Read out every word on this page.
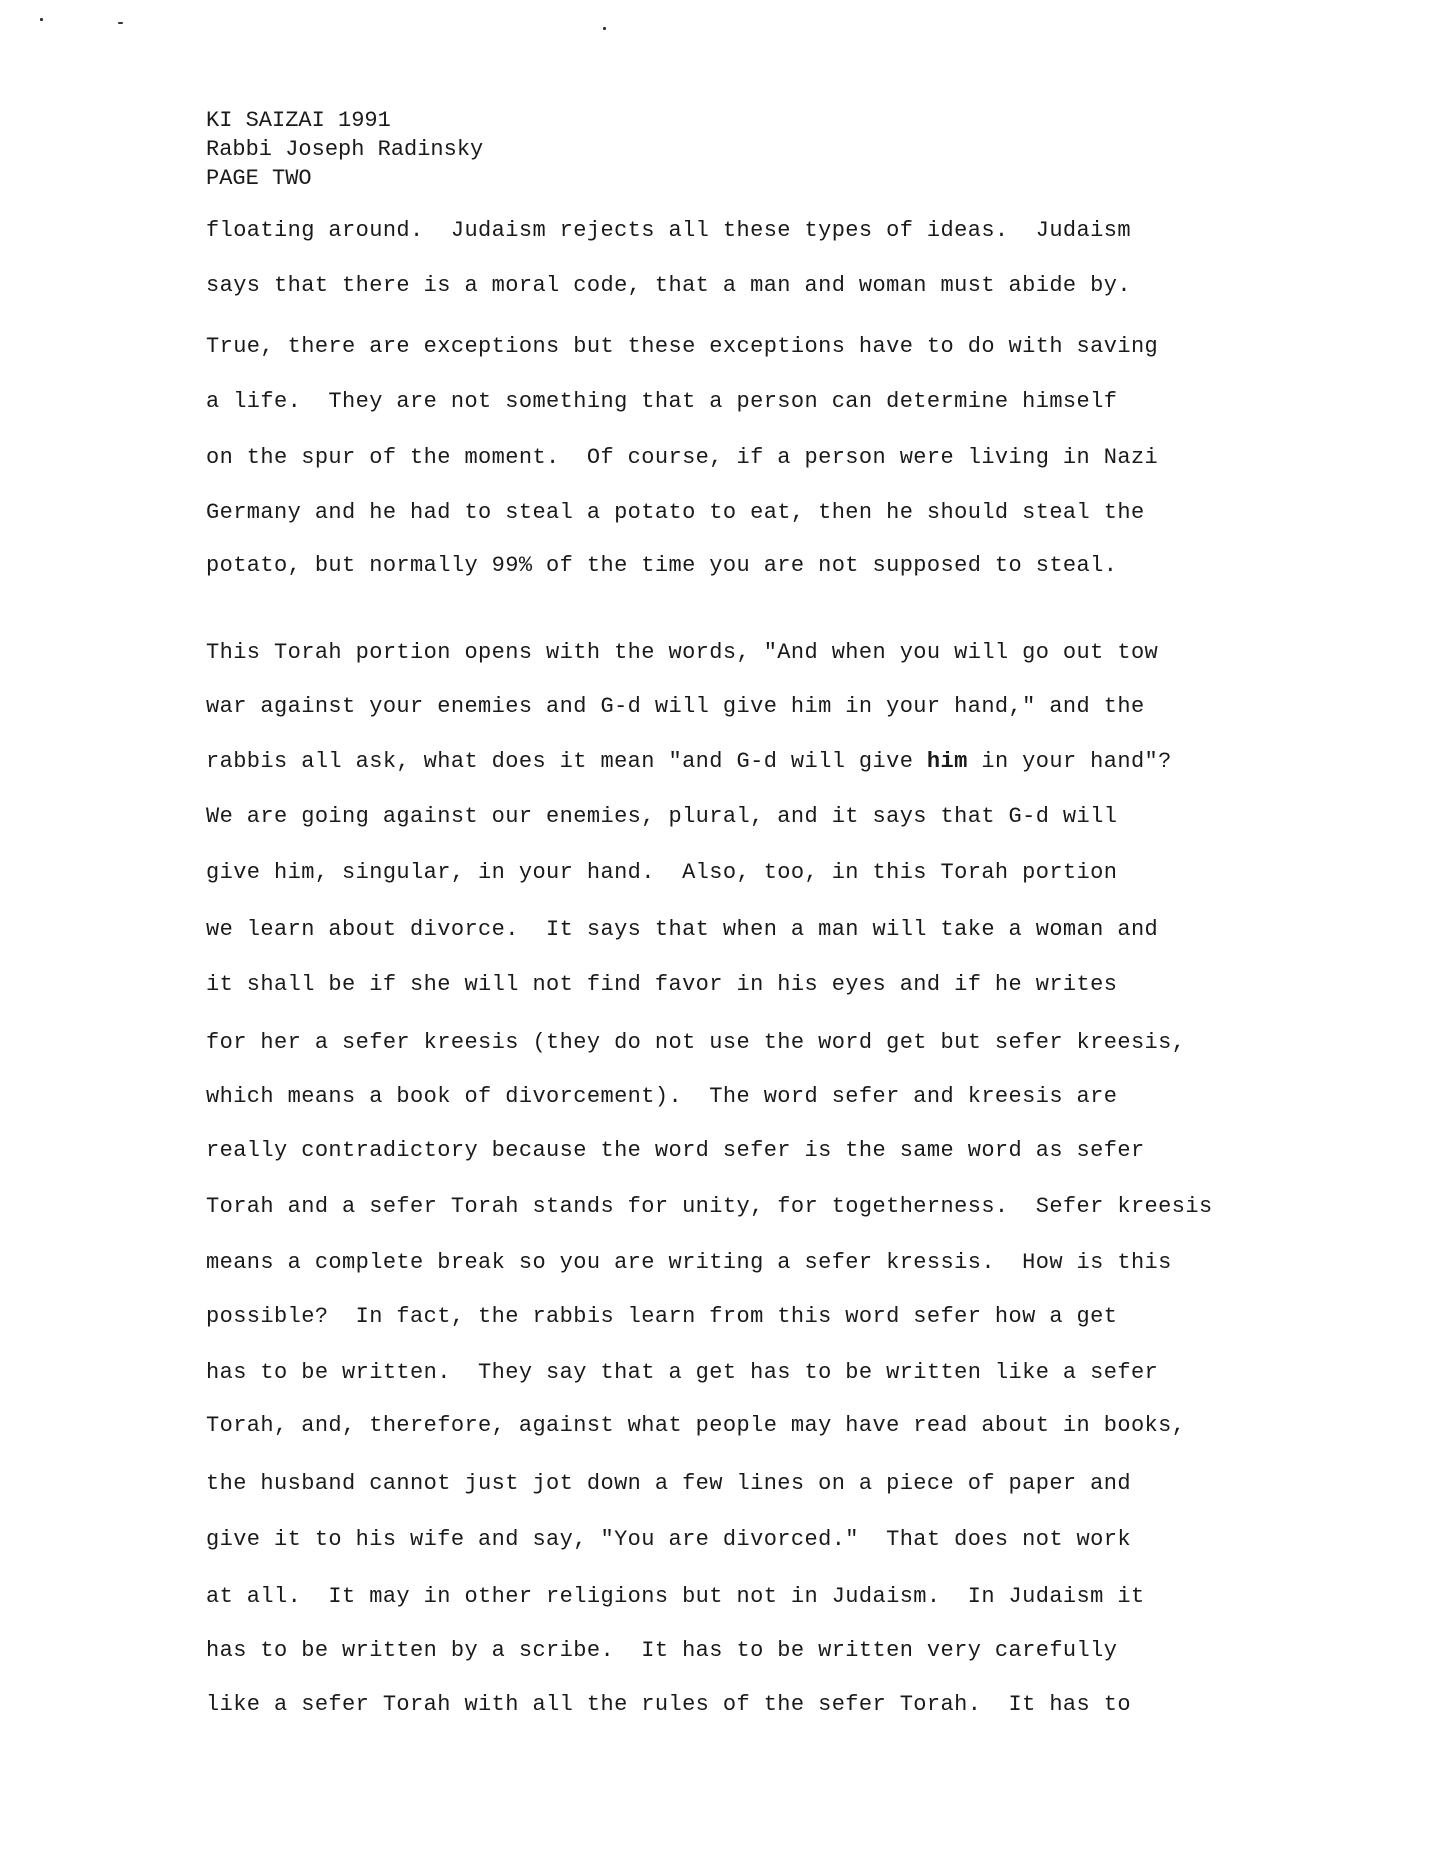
KI SAIZAI 1991
Rabbi Joseph Radinsky
PAGE TWO
floating around.  Judaism rejects all these types of ideas.  Judaism
says that there is a moral code, that a man and woman must abide by.
True, there are exceptions but these exceptions have to do with saving
a life.  They are not something that a person can determine himself
on the spur of the moment.  Of course, if a person were living in Nazi
Germany and he had to steal a potato to eat, then he should steal the
potato, but normally 99% of the time you are not supposed to steal.
This Torah portion opens with the words, "And when you will go out tow
war against your enemies and G-d will give him in your hand," and the
rabbis all ask, what does it mean "and G-d will give him in your hand"?
We are going against our enemies, plural, and it says that G-d will
give him, singular, in your hand.  Also, too, in this Torah portion
we learn about divorce.  It says that when a man will take a woman and
it shall be if she will not find favor in his eyes and if he writes
for her a sefer kreesis (they do not use the word get but sefer kreesis,
which means a book of divorcement).  The word sefer and kreesis are
really contradictory because the word sefer is the same word as sefer
Torah and a sefer Torah stands for unity, for togetherness.  Sefer kreesis
means a complete break so you are writing a sefer kressis.  How is this
possible?  In fact, the rabbis learn from this word sefer how a get
has to be written.  They say that a get has to be written like a sefer
Torah, and, therefore, against what people may have read about in books,
the husband cannot just jot down a few lines on a piece of paper and
give it to his wife and say, "You are divorced."  That does not work
at all.  It may in other religions but not in Judaism.  In Judaism it
has to be written by a scribe.  It has to be written very carefully
like a sefer Torah with all the rules of the sefer Torah.  It has to
